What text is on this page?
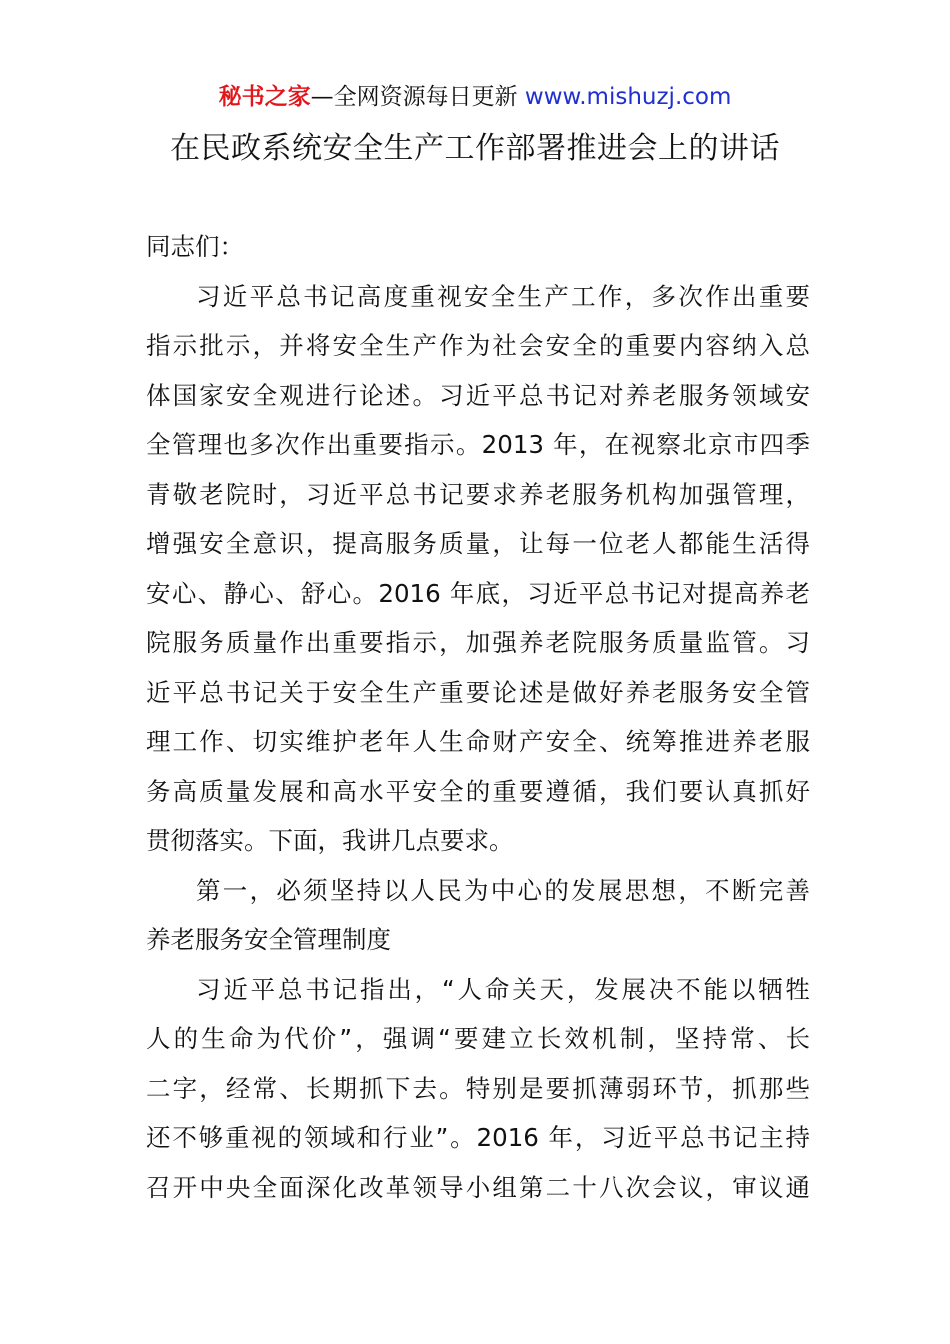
秘书之家—全网资源每日更新 www.mishuzj.com
在民政系统安全生产工作部署推进会上的讲话
同志们：
习近平总书记高度重视安全生产工作，多次作出重要
指示批示，并将安全生产作为社会安全的重要内容纳入总
体国家安全观进行论述。习近平总书记对养老服务领域安
全管理也多次作出重要指示。2013 年，在视察北京市四季
青敬老院时，习近平总书记要求养老服务机构加强管理，
增强安全意识，提高服务质量，让每一位老人都能生活得
安心、静心、舒心。2016 年底，习近平总书记对提高养老
院服务质量作出重要指示，加强养老院服务质量监管。习
近平总书记关于安全生产重要论述是做好养老服务安全管
理工作、切实维护老年人生命财产安全、统筹推进养老服
务高质量发展和高水平安全的重要遵循，我们要认真抓好
贯彻落实。下面，我讲几点要求。
第一，必须坚持以人民为中心的发展思想，不断完善
养老服务安全管理制度
习近平总书记指出，“人命关天，发展决不能以牺牲
人的生命为代价”，强调“要建立长效机制，坚持常、长
二字，经常、长期抓下去。特别是要抓薄弱环节，抓那些
还不够重视的领域和行业”。2016 年，习近平总书记主持
召开中央全面深化改革领导小组第二十八次会议，审议通
